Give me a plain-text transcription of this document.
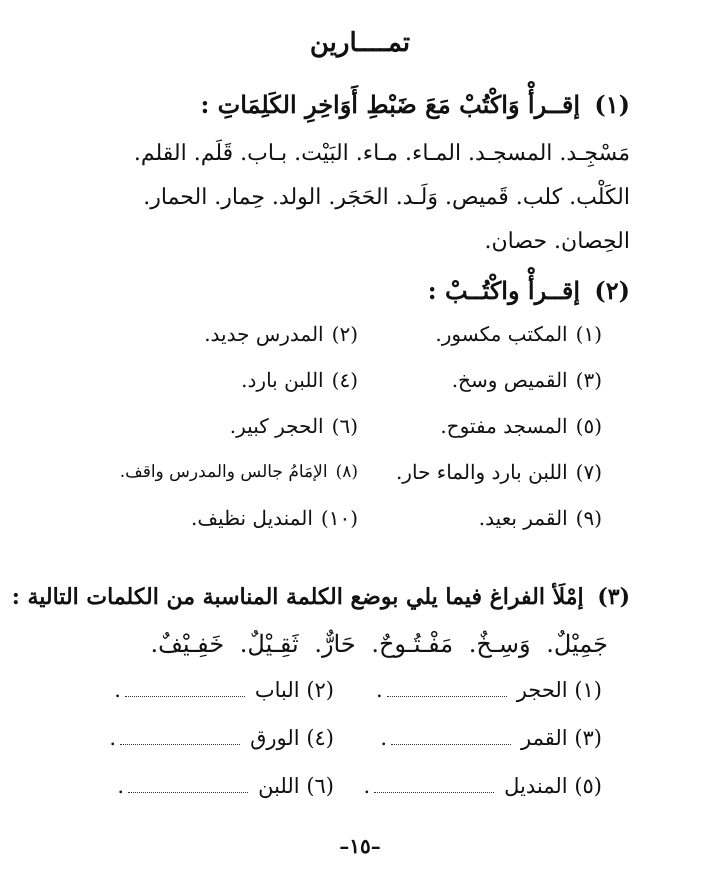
تمــــارين
(١) إقــرأْ وَاكْتُبْ مَعَ ضَبْطِ أَوَاخِرِ الكَلِمَاتِ :
مَسْجِـد. المسجـد. المـاء. مـاء. البَيْت. بـاب. قَلَم. القلم.
الكَلْب. كلب. قَميص. وَلَـد. الحَجَر. الولد. حِمار. الحمار.
الحِصان. حصان.
(٢) إقــرأْ واكْتُــبْ :
(١)المكتب مكسور.
(٢)المدرس جديد.
(٣)القميص وسخ.
(٤)اللبن بارد.
(٥)المسجد مفتوح.
(٦)الحجر كبير.
(٧)اللبن بارد والماء حار.
(٨)الإمَامُ جالس والمدرس واقف.
(٩)القمر بعيد.
(١٠)المنديل نظيف.
(٣) إمْلَأ الفراغ فيما يلي بوضع الكلمة المناسبة من الكلمات التالية :
جَمِيْلٌ. وَسِـخٌ. مَفْـتُـوحٌ. حَارٌّ. ثَقِـيْلٌ. خَفِـيْفٌ.
(١) الحجر.
(٢) الباب.
(٣) القمر.
(٤) الورق.
(٥) المنديل.
(٦) اللبن.
–١٥–
